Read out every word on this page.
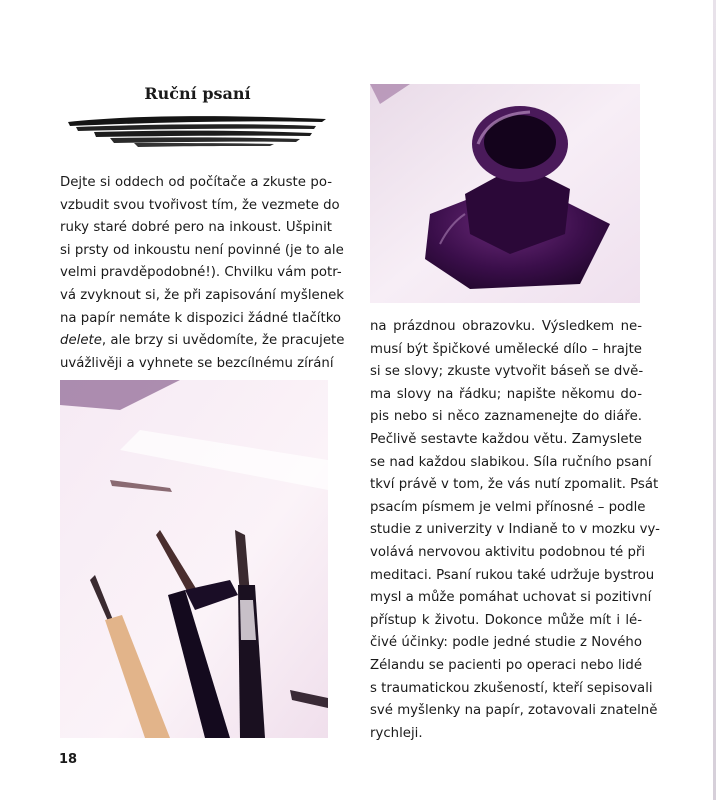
Ruční psaní
Dejte si oddech od počítače a zkuste po-
vzbudit svou tvořivost tím, že vezmete do
ruky staré dobré pero na inkoust. Ušpinit
si prsty od inkoustu není povinné (je to ale
velmi pravděpodobné!). Chvilku vám potr-
vá zvyknout si, že při zapisování myšlenek
na papír nemáte k dispozici žádné tlačítko
delete, ale brzy si uvědomíte, že pracujete
uvážlivěji a vyhnete se bezcílnému zírání
na prázdnou obrazovku. Výsledkem ne-
musí být špičkové umělecké dílo – hrajte
si se slovy; zkuste vytvořit báseň se dvě-
ma slovy na řádku; napište někomu do-
pis nebo si něco zaznamenejte do diáře.
Pečlivě sestavte každou větu. Zamyslete
se nad každou slabikou. Síla ručního psaní
tkví právě v tom, že vás nutí zpomalit. Psát
psacím písmem je velmi přínosné – podle
studie z univerzity v Indianě to v mozku vy-
volává nervovou aktivitu podobnou té při
meditaci. Psaní rukou také udržuje bystrou
mysl a může pomáhat uchovat si pozitivní
přístup k životu. Dokonce může mít i lé-
čivé účinky: podle jedné studie z Nového
Zélandu se pacienti po operaci nebo lidé
s traumatickou zkušeností, kteří sepisovali
své myšlenky na papír, zotavovali znatelně
rychleji.
18
